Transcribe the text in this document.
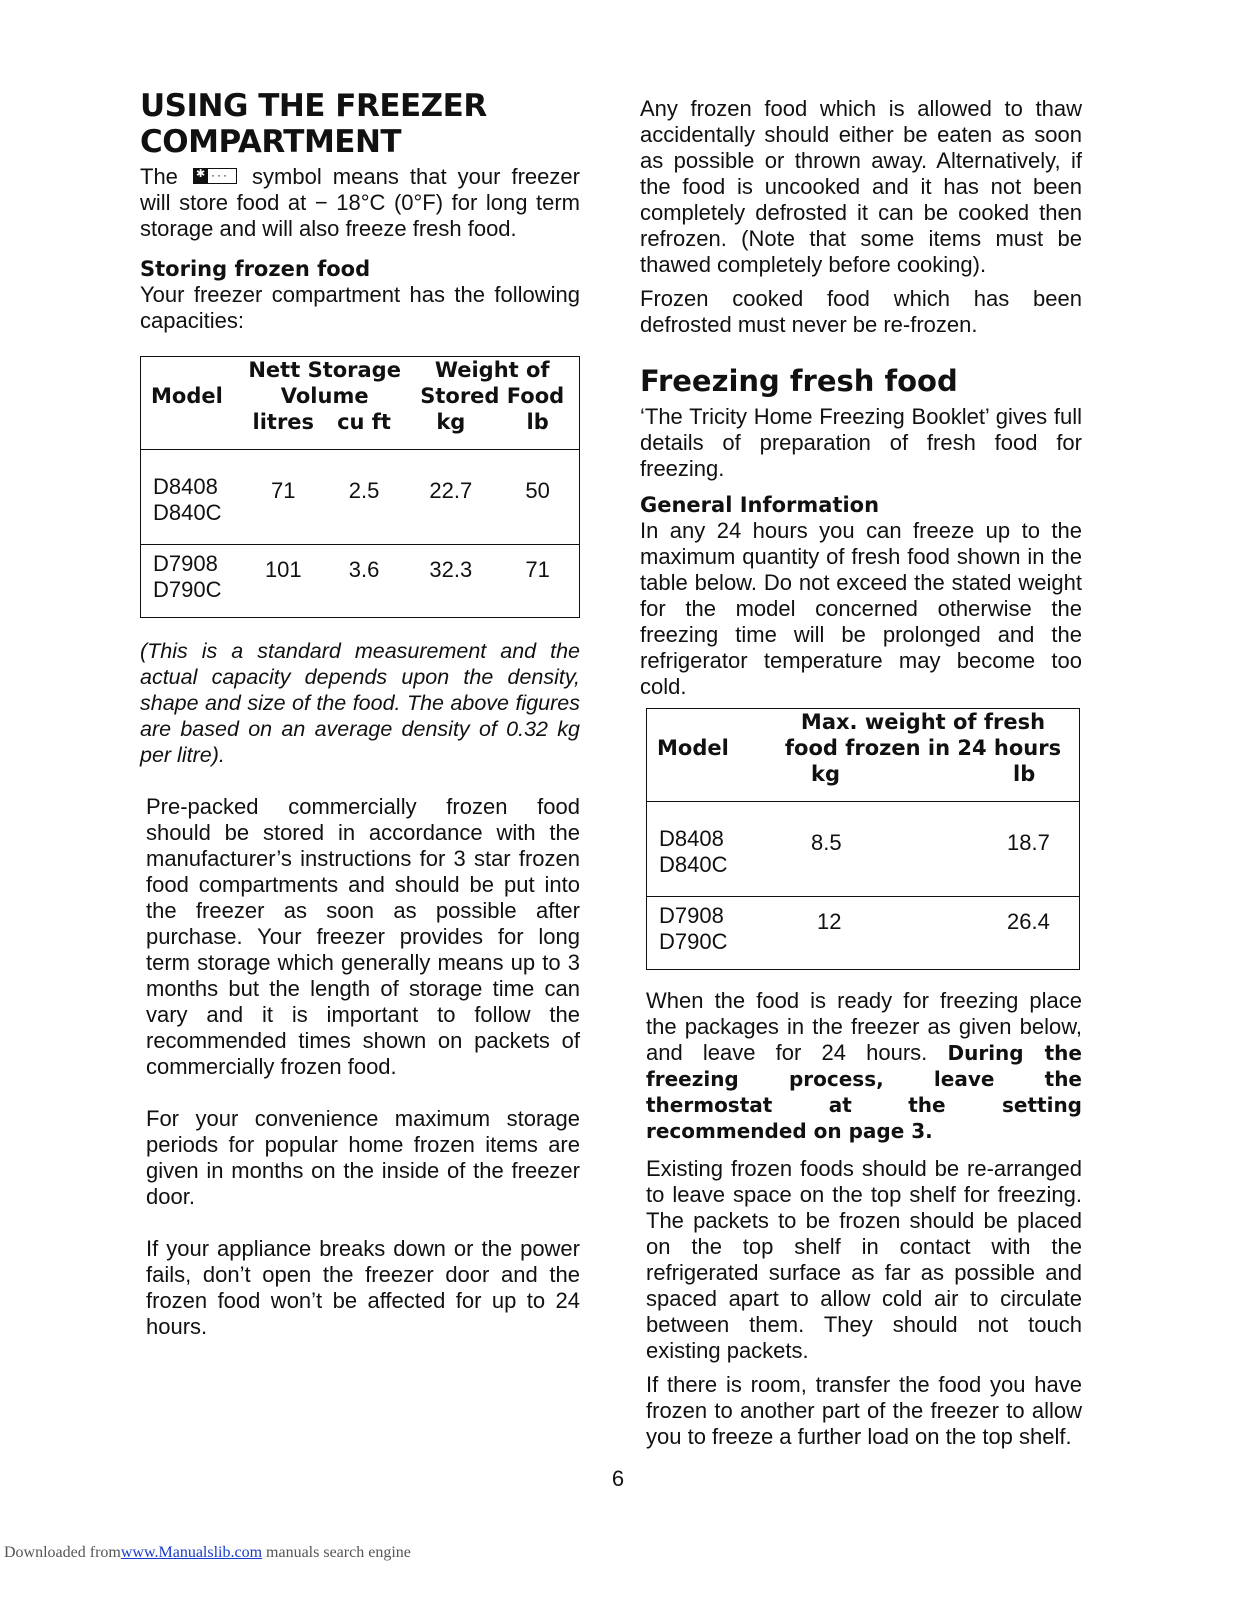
USING THE FREEZER
COMPARTMENT

The ✱ ··· symbol means that your freezer will store food at − 18°C (0°F) for long term storage and will also freeze fresh food.

Storing frozen food

Your freezer compartment has the following capacities:

	Nett Storage		Weight of	
Model	Volume		Stored Food	
	litres	cu ft	kg	lb

D8408
D840C	71	2.5	22.7	50

D7908
D790C	101	3.6	32.3	71

(This is a standard measurement and the actual capacity depends upon the density, shape and size of the food. The above figures are based on an average density of 0.32 kg per litre).

Pre-packed commercially frozen food should be stored in accordance with the manufacturer’s instructions for 3 star frozen food compartments and should be put into the freezer as soon as possible after purchase. Your freezer provides for long term storage which generally means up to 3 months but the length of storage time can vary and it is important to follow the recommended times shown on packets of commercially frozen food.

For your convenience maximum storage periods for popular home frozen items are given in months on the inside of the freezer door.

If your appliance breaks down or the power fails, don’t open the freezer door and the frozen food won’t be affected for up to 24 hours.

Any frozen food which is allowed to thaw accidentally should either be eaten as soon as possible or thrown away. Alternatively, if the food is uncooked and it has not been completely defrosted it can be cooked then refrozen. (Note that some items must be thawed completely before cooking).

Frozen cooked food which has been defrosted must never be re-frozen.

Freezing fresh food

‘The Tricity Home Freezing Booklet’ gives full details of preparation of fresh food for freezing.

General Information

In any 24 hours you can freeze up to the maximum quantity of fresh food shown in the table below. Do not exceed the stated weight for the model concerned otherwise the freezing time will be prolonged and the refrigerator temperature may become too cold.

	Max. weight of fresh	
Model	food frozen in 24 hours	
	kg	lb

D8408
D840C	8.5	18.7

D7908
D790C	12	26.4

When the food is ready for freezing place the packages in the freezer as given below, and leave for 24 hours. During the freezing process, leave the thermostat at the setting recommended on page 3.

Existing frozen foods should be re-arranged to leave space on the top shelf for freezing. The packets to be frozen should be placed on the top shelf in contact with the refrigerated surface as far as possible and spaced apart to allow cold air to circulate between them. They should not touch existing packets.

If there is room, transfer the food you have frozen to another part of the freezer to allow you to freeze a further load on the top shelf.

6
Downloaded fromwww.Manualslib.com manuals search engine
